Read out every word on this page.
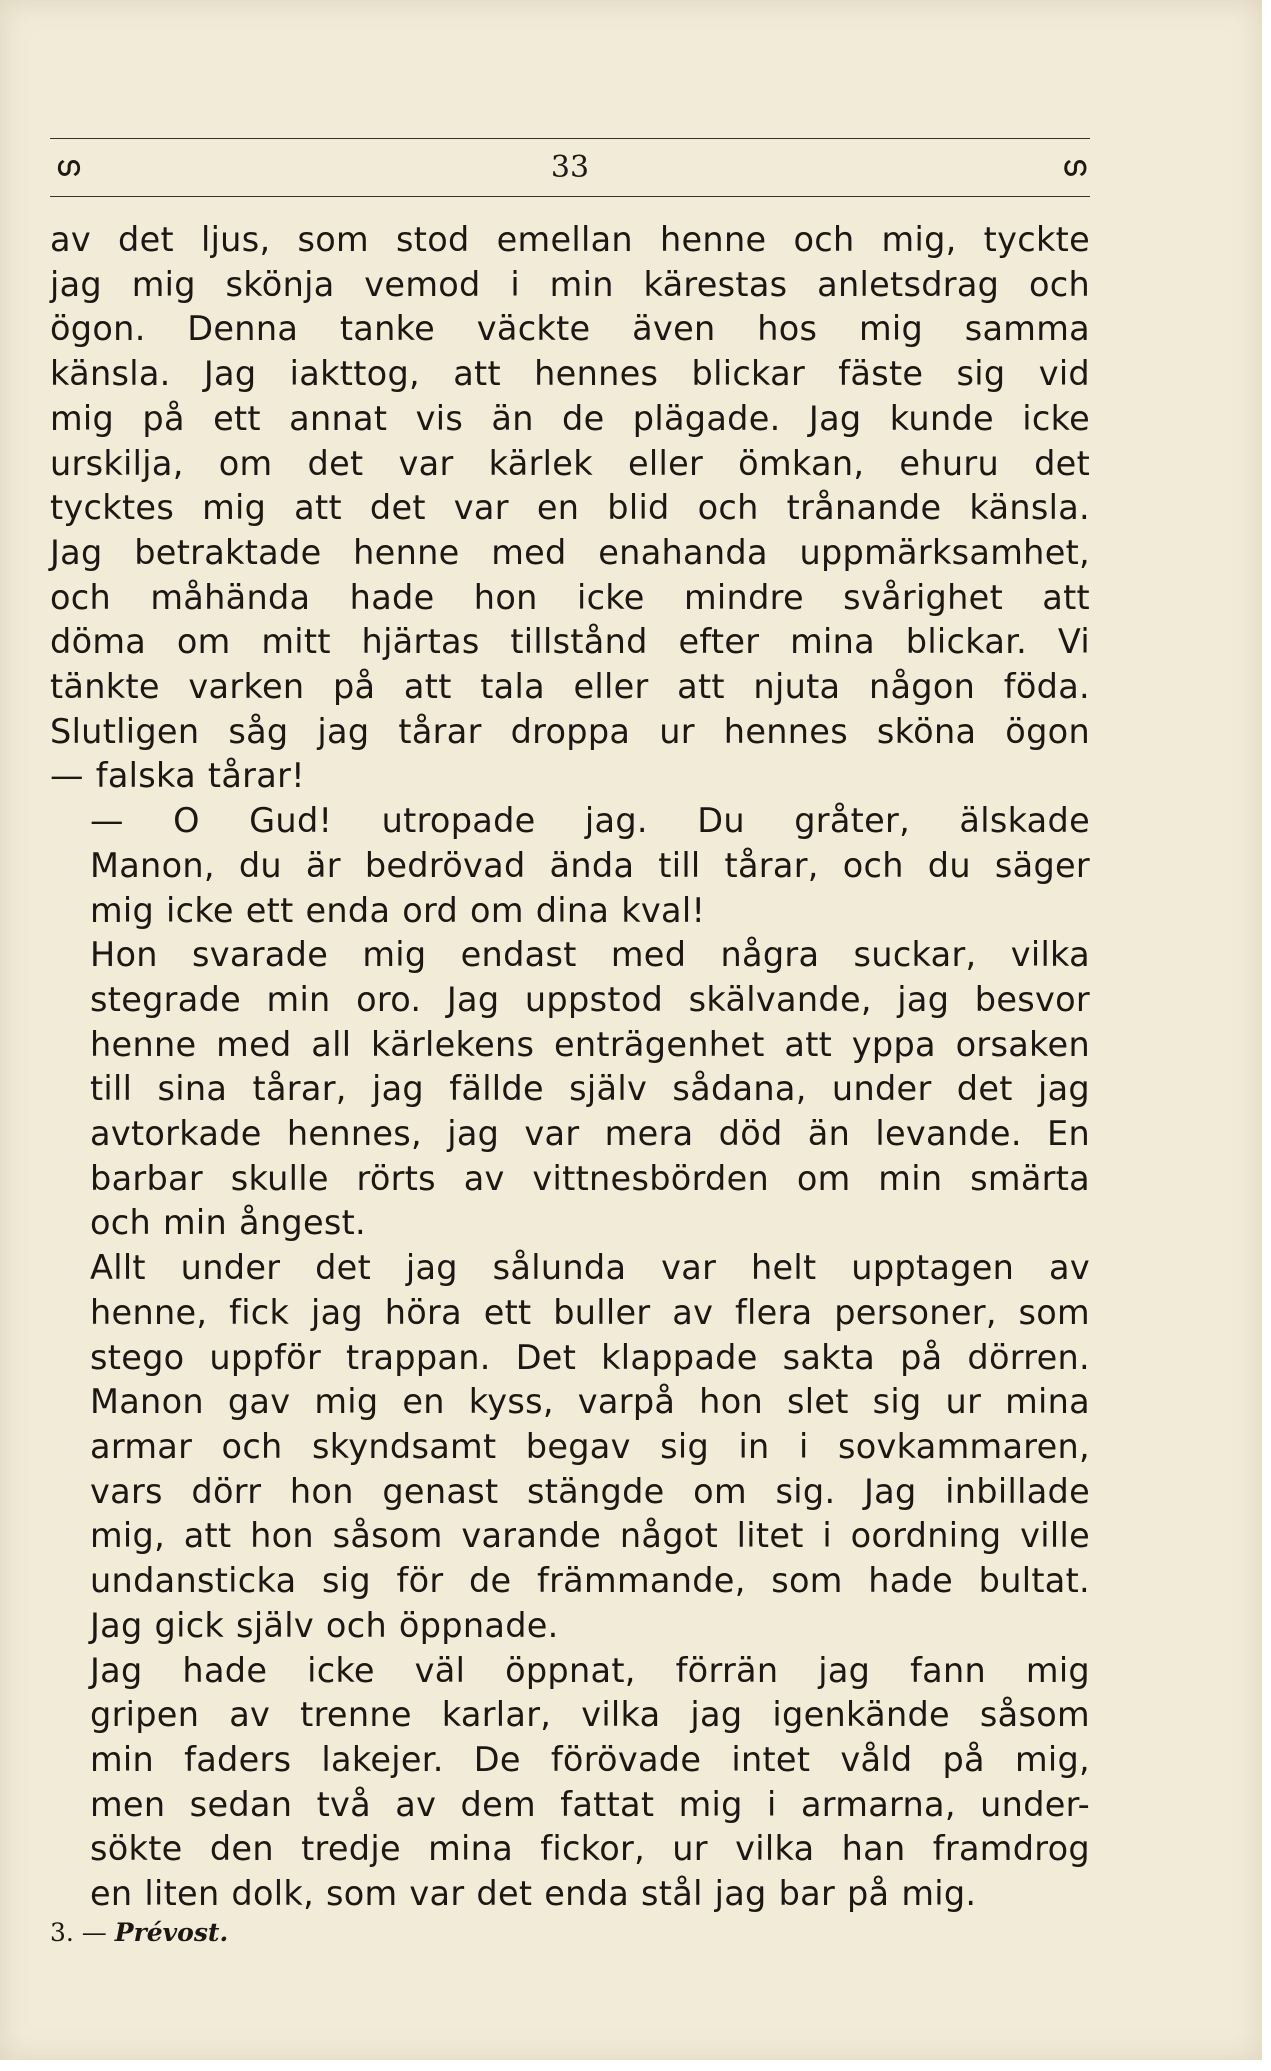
ഗ	33	ഗ
av det ljus, som stod emellan henne och mig, tyckte
jag mig skönja vemod i min kärestas anletsdrag och
ögon. Denna tanke väckte även hos mig samma
känsla. Jag iakttog, att hennes blickar fäste sig vid
mig på ett annat vis än de plägade. Jag kunde icke
urskilja, om det var kärlek eller ömkan, ehuru det
tycktes mig att det var en blid och trånande känsla.
Jag betraktade henne med enahanda uppmärksamhet,
och måhända hade hon icke mindre svårighet att
döma om mitt hjärtas tillstånd efter mina blickar. Vi
tänkte varken på att tala eller att njuta någon föda.
Slutligen såg jag tårar droppa ur hennes sköna ögon
— falska tårar!
— O Gud! utropade jag. Du gråter, älskade
Manon, du är bedrövad ända till tårar, och du säger
mig icke ett enda ord om dina kval!
Hon svarade mig endast med några suckar, vilka
stegrade min oro. Jag uppstod skälvande, jag besvor
henne med all kärlekens enträgenhet att yppa orsaken
till sina tårar, jag fällde själv sådana, under det jag
avtorkade hennes, jag var mera död än levande. En
barbar skulle rörts av vittnesbörden om min smärta
och min ångest.
Allt under det jag sålunda var helt upptagen av
henne, fick jag höra ett buller av flera personer, som
stego uppför trappan. Det klappade sakta på dörren.
Manon gav mig en kyss, varpå hon slet sig ur mina
armar och skyndsamt begav sig in i sovkammaren,
vars dörr hon genast stängde om sig. Jag inbillade
mig, att hon såsom varande något litet i oordning ville
undansticka sig för de främmande, som hade bultat.
Jag gick själv och öppnade.
Jag hade icke väl öppnat, förrän jag fann mig
gripen av trenne karlar, vilka jag igenkände såsom
min faders lakejer. De förövade intet våld på mig,
men sedan två av dem fattat mig i armarna, under-
sökte den tredje mina fickor, ur vilka han framdrog
en liten dolk, som var det enda stål jag bar på mig.
3. — Prévost.
